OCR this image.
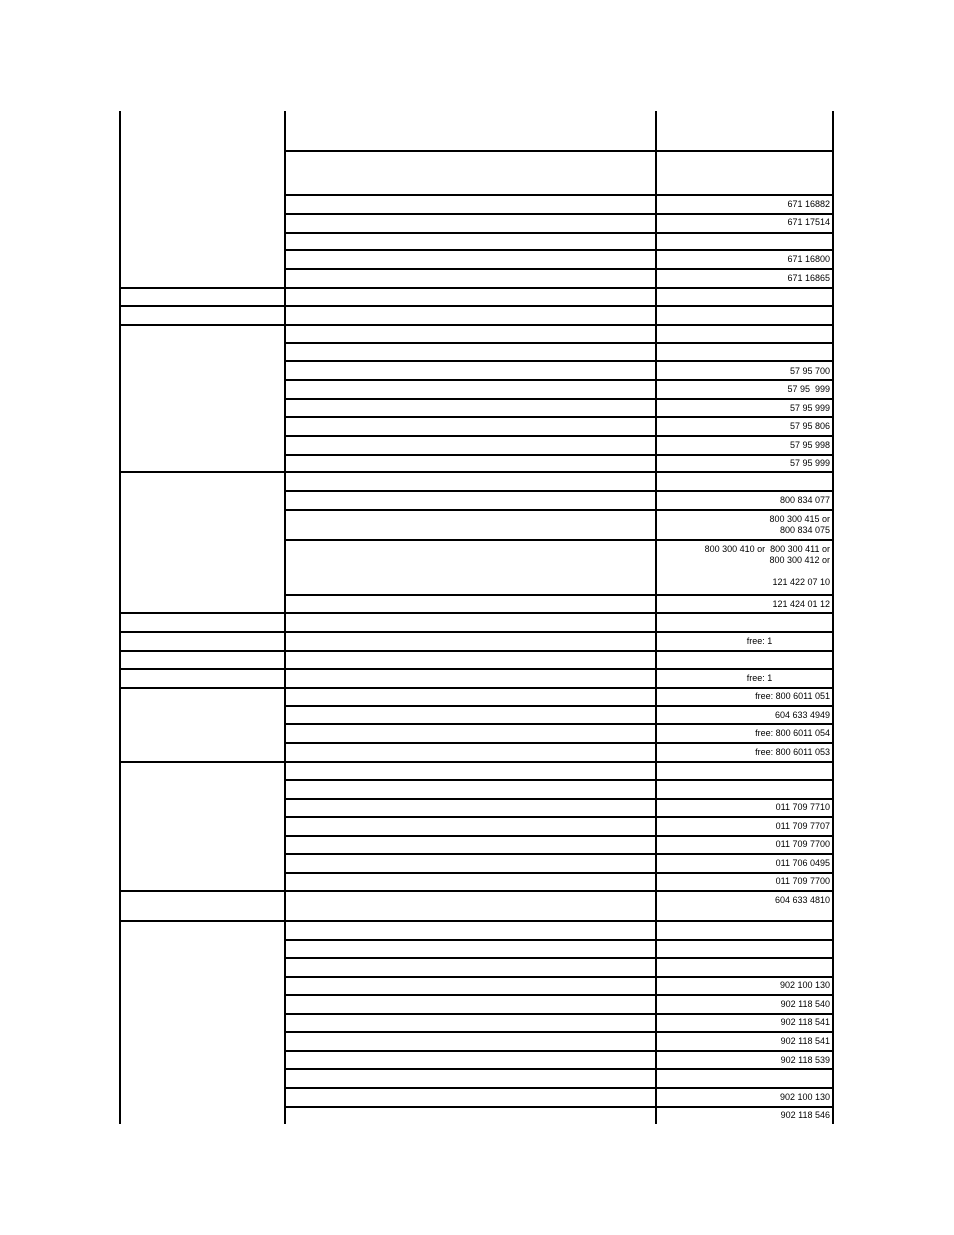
671 16882
671 17514
671 16800
671 16865
57 95 700
57 95  999
57 95 999
57 95 806
57 95 998
57 95 999
800 834 077
800 300 415 or
800 834 075
800 300 410 or  800 300 411 or
800 300 412 or

121 422 07 10
121 424 01 12
free: 1
free: 1
free: 800 6011 051
604 633 4949
free: 800 6011 054
free: 800 6011 053
011 709 7710
011 709 7707
011 709 7700
011 706 0495
011 709 7700
604 633 4810
902 100 130
902 118 540
902 118 541
902 118 541
902 118 539
902 100 130
902 118 546
